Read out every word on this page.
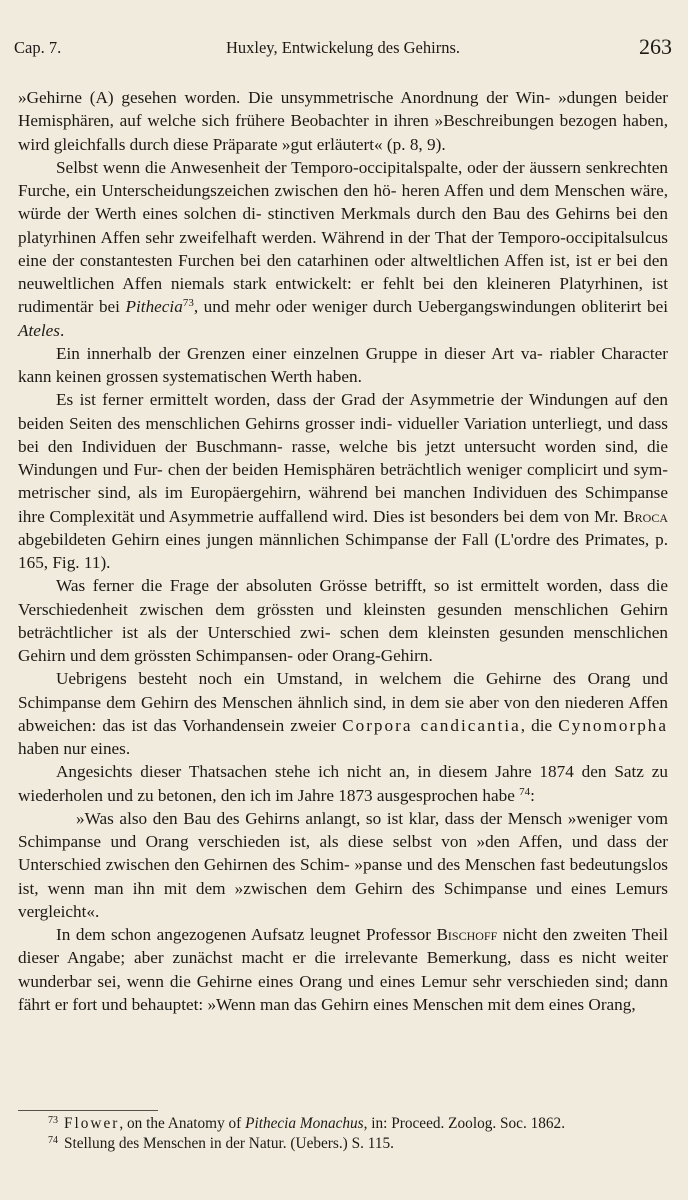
Cap. 7.	Huxley, Entwickelung des Gehirns.	263

»Gehirne (A) gesehen worden. Die unsymmetrische Anordnung der Win- »dungen beider Hemisphären, auf welche sich frühere Beobachter in ihren »Beschreibungen bezogen haben, wird gleichfalls durch diese Präparate »gut erläutert« (p. 8, 9).

Selbst wenn die Anwesenheit der Temporo-occipitalspalte, oder der äussern senkrechten Furche, ein Unterscheidungszeichen zwischen den hö- heren Affen und dem Menschen wäre, würde der Werth eines solchen di- stinctiven Merkmals durch den Bau des Gehirns bei den platyrhinen Affen sehr zweifelhaft werden. Während in der That der Temporo-occipitalsulcus eine der constantesten Furchen bei den catarhinen oder altweltlichen Affen ist, ist er bei den neuweltlichen Affen niemals stark entwickelt: er fehlt bei den kleineren Platyrhinen, ist rudimentär bei Pithecia$^{73}$, und mehr oder weniger durch Uebergangswindungen obliterirt bei Ateles.

Ein innerhalb der Grenzen einer einzelnen Gruppe in dieser Art va- riabler Character kann keinen grossen systematischen Werth haben.

Es ist ferner ermittelt worden, dass der Grad der Asymmetrie der Windungen auf den beiden Seiten des menschlichen Gehirns grosser indi- vidueller Variation unterliegt, und dass bei den Individuen der Buschmann- rasse, welche bis jetzt untersucht worden sind, die Windungen und Fur- chen der beiden Hemisphären beträchtlich weniger complicirt und sym- metrischer sind, als im Europäergehirn, während bei manchen Individuen des Schimpanse ihre Complexität und Asymmetrie auffallend wird. Dies ist besonders bei dem von Mr. Broca abgebildeten Gehirn eines jungen männlichen Schimpanse der Fall (L'ordre des Primates, p. 165, Fig. 11).

Was ferner die Frage der absoluten Grösse betrifft, so ist ermittelt worden, dass die Verschiedenheit zwischen dem grössten und kleinsten gesunden menschlichen Gehirn beträchtlicher ist als der Unterschied zwi- schen dem kleinsten gesunden menschlichen Gehirn und dem grössten Schimpansen- oder Orang-Gehirn.

Uebrigens besteht noch ein Umstand, in welchem die Gehirne des Orang und Schimpanse dem Gehirn des Menschen ähnlich sind, in dem sie aber von den niederen Affen abweichen: das ist das Vorhandensein zweier Corpora candicantia, die Cynomorpha haben nur eines.

Angesichts dieser Thatsachen stehe ich nicht an, in diesem Jahre 1874 den Satz zu wiederholen und zu betonen, den ich im Jahre 1873 ausgesprochen habe $^{74}$:

»Was also den Bau des Gehirns anlangt, so ist klar, dass der Mensch »weniger vom Schimpanse und Orang verschieden ist, als diese selbst von »den Affen, und dass der Unterschied zwischen den Gehirnen des Schim- »panse und des Menschen fast bedeutungslos ist, wenn man ihn mit dem »zwischen dem Gehirn des Schimpanse und eines Lemurs vergleicht«.

In dem schon angezogenen Aufsatz leugnet Professor Bischoff nicht den zweiten Theil dieser Angabe; aber zunächst macht er die irrelevante Bemerkung, dass es nicht weiter wunderbar sei, wenn die Gehirne eines Orang und eines Lemur sehr verschieden sind; dann fährt er fort und behauptet: »Wenn man das Gehirn eines Menschen mit dem eines Orang,

$^{73}$ Flower, on the Anatomy of Pithecia Monachus, in: Proceed. Zoolog. Soc. 1862.

$^{74}$ Stellung des Menschen in der Natur. (Uebers.) S. 115.
